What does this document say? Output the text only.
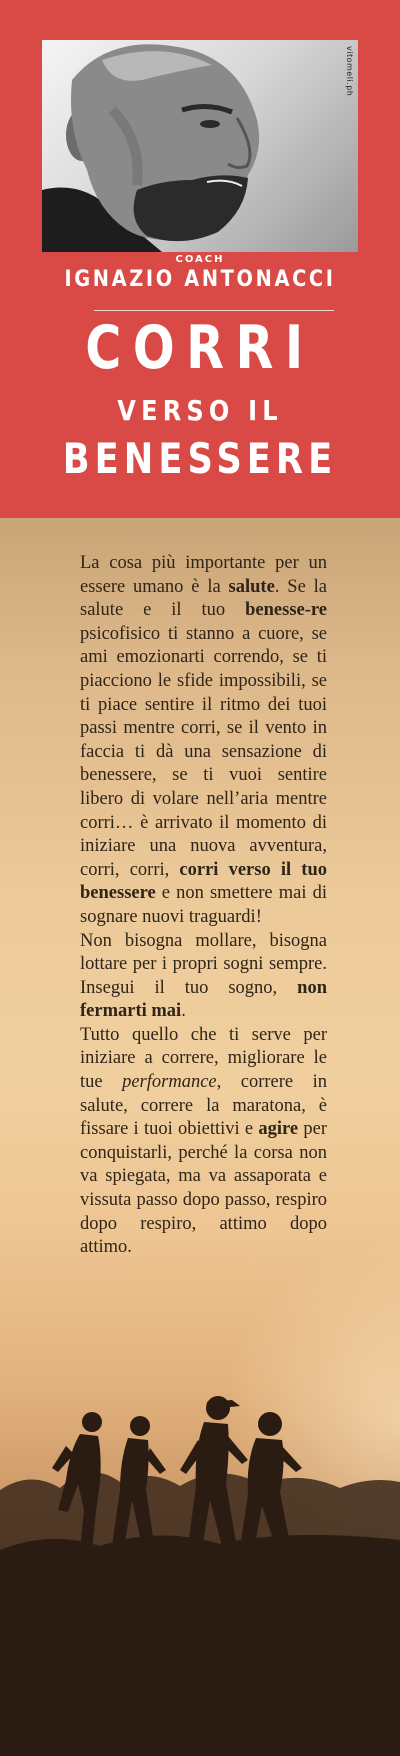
vitomeli.ph
COACH
IGNAZIO ANTONACCI
CORRI
VERSO IL
BENESSERE

La cosa più importante per un essere umano è la salute. Se la salute e il tuo benesse-re psicofisico ti stanno a cuore, se ami emozionarti correndo, se ti piacciono le sfide impossibili, se ti piace sentire il ritmo dei tuoi passi mentre corri, se il vento in faccia ti dà una sensazione di benessere, se ti vuoi sentire libero di volare nell’aria mentre corri… è arrivato il momento di iniziare una nuova avventura, corri, corri, corri verso il tuo benessere e non smettere mai di sognare nuovi traguardi!

Non bisogna mollare, bisogna lottare per i propri sogni sempre. Insegui il tuo sogno, non fermarti mai.

Tutto quello che ti serve per iniziare a correre, migliorare le tue performance, correre in salute, correre la maratona, è fissare i tuoi obiettivi e agire per conquistarli, perché la corsa non va spiegata, ma va assaporata e vissuta passo dopo passo, respiro dopo respiro, attimo dopo attimo.
